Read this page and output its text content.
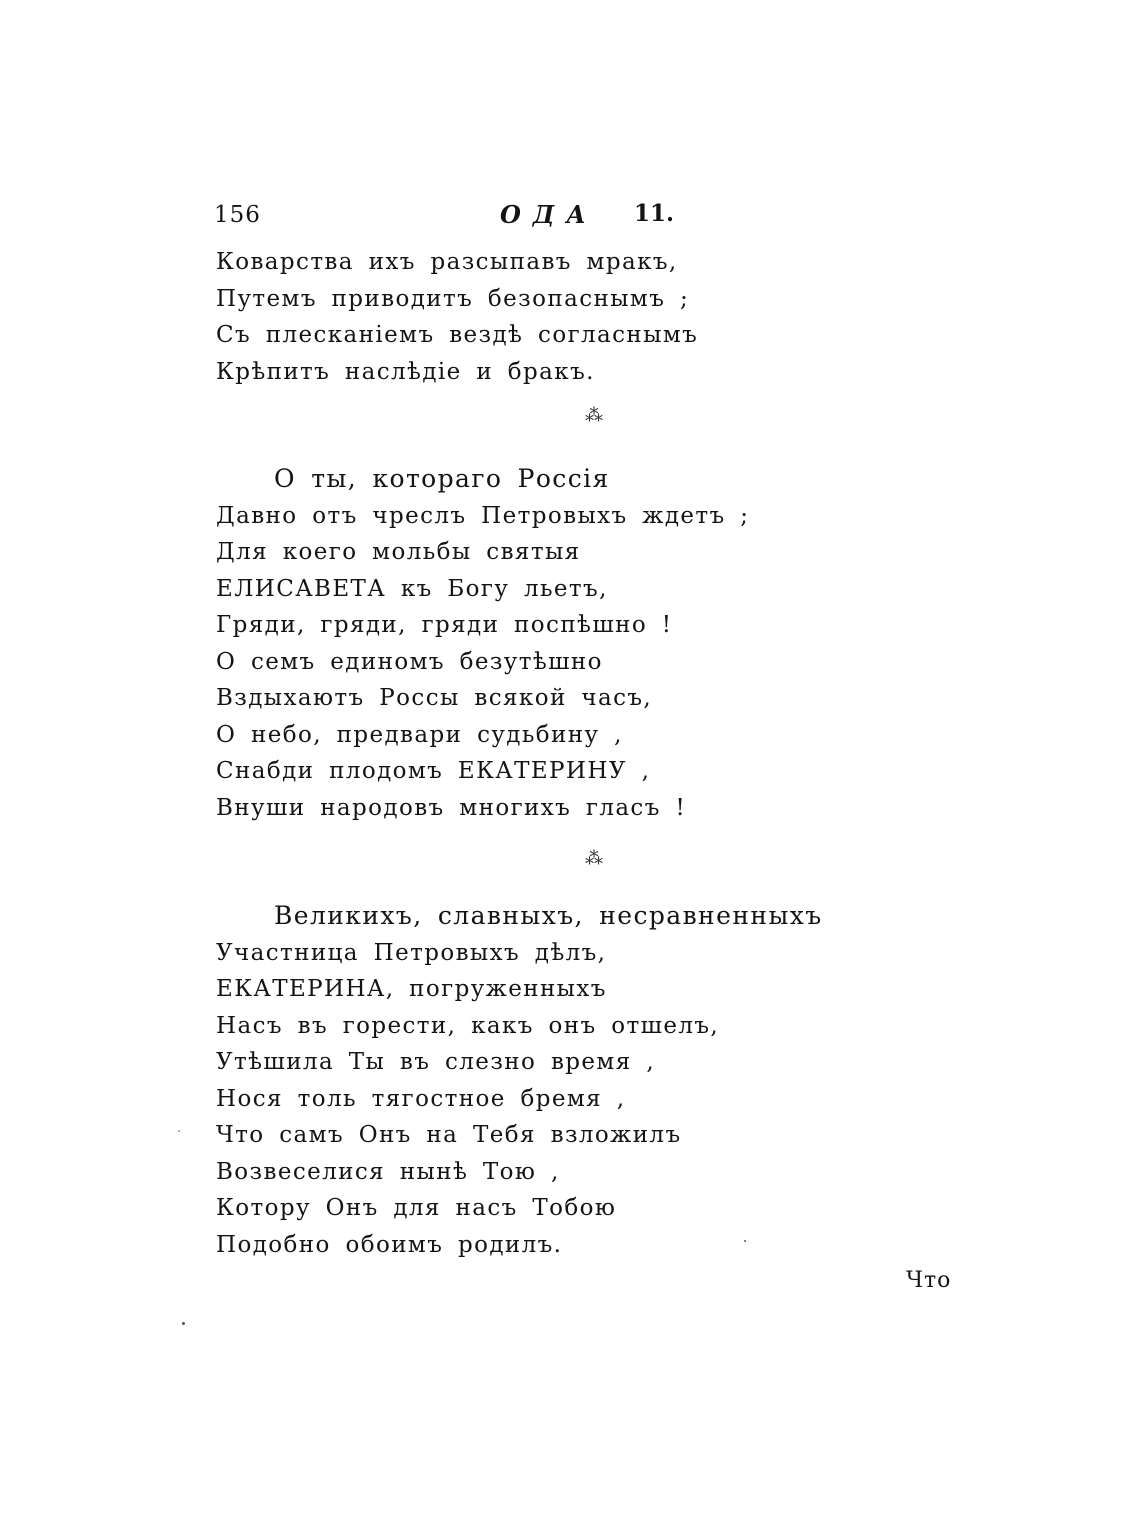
156	ОДА 11.
Коварства ихъ разсыпавъ мракъ,
Путемъ приводитъ безопаснымъ ;
Съ плесканіемъ вездѣ согласнымъ
Крѣпитъ наслѣдіе и бракъ.
⁂
О ты, котораго Россія
Давно отъ чреслъ Петровыхъ ждетъ ;
Для коего мольбы святыя
ЕЛИСАВЕТА къ Богу льетъ,
Гряди, гряди, гряди поспѣшно !
О семъ единомъ безутѣшно
Вздыхаютъ Россы всякой часъ,
О небо, предвари судьбину ,
Снабди плодомъ ЕКАТЕРИНУ ,
Внуши народовъ многихъ гласъ !
⁂
Великихъ, славныхъ, несравненныхъ
Участница Петровыхъ дѣлъ,
ЕКАТЕРИНА, погруженныхъ
Насъ въ горести, какъ онъ отшелъ,
Утѣшила Ты въ слезно время ,
Нося толь тягостное бремя ,
Что самъ Онъ на Тебя взложилъ
Возвеселися нынѣ Тою ,
Котору Онъ для насъ Тобою
Подобно обоимъ родилъ.
Что
